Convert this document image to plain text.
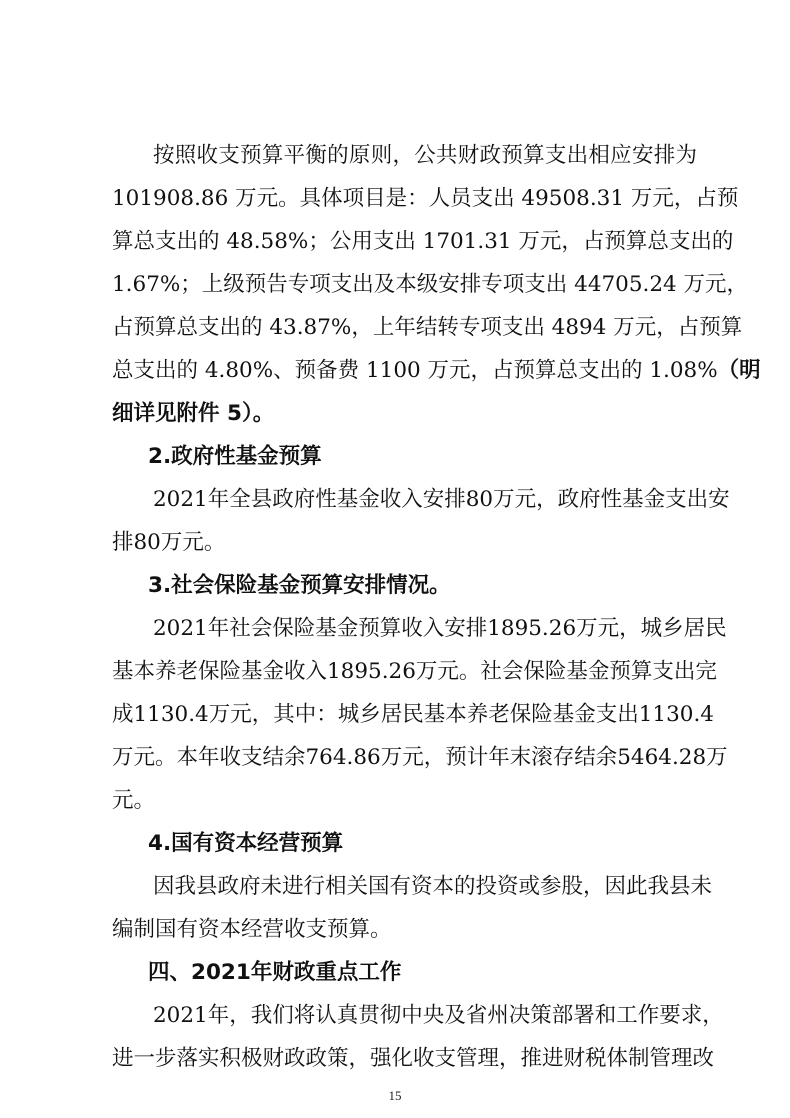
按照收支预算平衡的原则，公共财政预算支出相应安排为
101908.86 万元。具体项目是：人员支出 49508.31 万元，占预
算总支出的 48.58%；公用支出 1701.31 万元，占预算总支出的
1.67%；上级预告专项支出及本级安排专项支出 44705.24 万元，
占预算总支出的 43.87%，上年结转专项支出 4894 万元，占预算
总支出的 4.80%、预备费 1100 万元，占预算总支出的 1.08%（明
细详见附件 5）。
2.政府性基金预算
2021年全县政府性基金收入安排80万元，政府性基金支出安
排80万元。
3.社会保险基金预算安排情况。
2021年社会保险基金预算收入安排1895.26万元，城乡居民
基本养老保险基金收入1895.26万元。社会保险基金预算支出完
成1130.4万元，其中：城乡居民基本养老保险基金支出1130.4
万元。本年收支结余764.86万元，预计年末滚存结余5464.28万
元。
4.国有资本经营预算
因我县政府未进行相关国有资本的投资或参股，因此我县未
编制国有资本经营收支预算。
四、2021年财政重点工作
2021年，我们将认真贯彻中央及省州决策部署和工作要求，
进一步落实积极财政政策，强化收支管理，推进财税体制管理改
15
